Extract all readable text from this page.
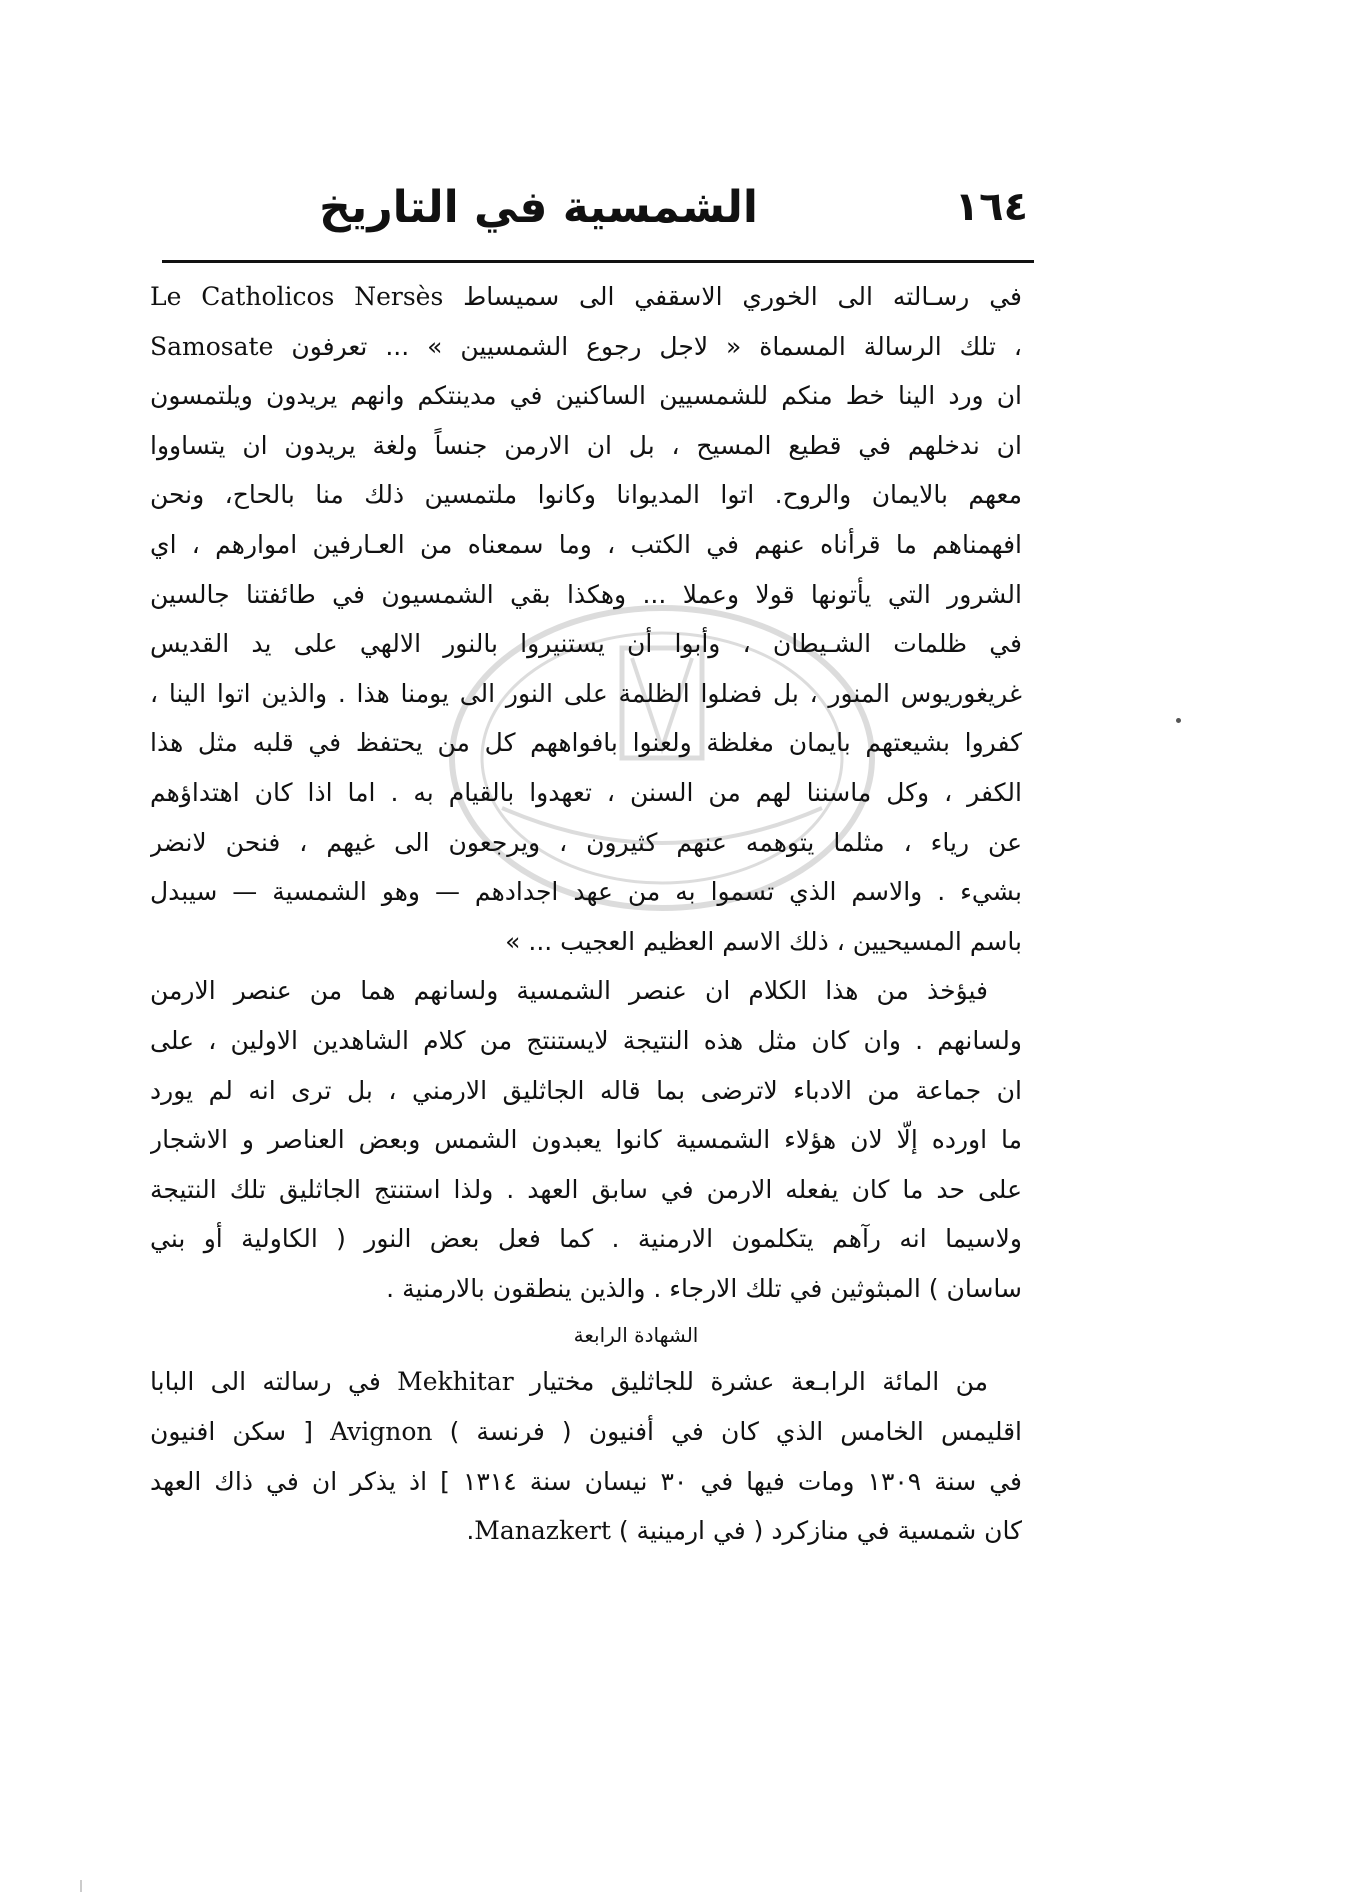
١٦٤
الشمسية في التاريخ

في رسـالته الى الخوري الاسقفي الى سميساط Le Catholicos Nersès
، تلك الرسالة المسماة « لاجل رجوع الشمسيين » ... تعرفون Samosate
ان ورد الينا خط منكم للشمسيين الساكنين في مدينتكم وانهم يريدون ويلتمسون
ان ندخلهم في قطيع المسيح ، بل ان الارمن جنساً ولغة يريدون ان يتساووا
معهم بالايمان والروح. اتوا المديوانا وكانوا ملتمسين ذلك منا بالحاح، ونحن
افهمناهم ما قرأناه عنهم في الكتب ، وما سمعناه من العـارفين اموارهم ، اي
الشرور التي يأتونها قولا وعملا ... وهكذا بقي الشمسيون في طائفتنا جالسين
في ظلمات الشـيطان ، وأبوا أن يستنيروا بالنور الالهي على يد القديس
غريغوريوس المنور ، بل فضلوا الظلمة على النور الى يومنا هذا . والذين اتوا الينا ،
كفروا بشيعتهم بايمان مغلظة ولعنوا بافواههم كل من يحتفظ في قلبه مثل هذا
الكفر ، وكل ماسننا لهم من السنن ، تعهدوا بالقيام به . اما اذا كان اهتداؤهم
عن رياء ، مثلما يتوهمه عنهم كثيرون ، ويرجعون الى غيهم ، فنحن لانضر
بشيء . والاسم الذي تسموا به من عهد اجدادهم — وهو الشمسية — سيبدل
باسم المسيحيين ، ذلك الاسم العظيم العجيب ... »

فيؤخذ من هذا الكلام ان عنصر الشمسية ولسانهم هما من عنصر الارمن
ولسانهم . وان كان مثل هذه النتيجة لايستنتج من كلام الشاهدين الاولين ، على
ان جماعة من الادباء لاترضى بما قاله الجاثليق الارمني ، بل ترى انه لم يورد
ما اورده إلّا لان هؤلاء الشمسية كانوا يعبدون الشمس وبعض العناصر و الاشجار
على حد ما كان يفعله الارمن في سابق العهد . ولذا استنتج الجاثليق تلك النتيجة
ولاسيما انه رآهم يتكلمون الارمنية . كما فعل بعض النور ( الكاولية أو بني
ساسان ) المبثوثين في تلك الارجاء . والذين ينطقون بالارمنية .

الشهادة الرابعة

من المائة الرابـعة عشرة للجاثليق مختيار Mekhitar في رسالته الى البابا
اقليمس الخامس الذي كان في أفنيون ( فرنسة ) Avignon [ سكن افنيون
في سنة ١٣٠٩ ومات فيها في ٣٠ نيسان سنة ١٣١٤ ] اذ يذكر ان في ذاك العهد
كان شمسية في منازكرد ( في ارمينية ) Manazkert.
